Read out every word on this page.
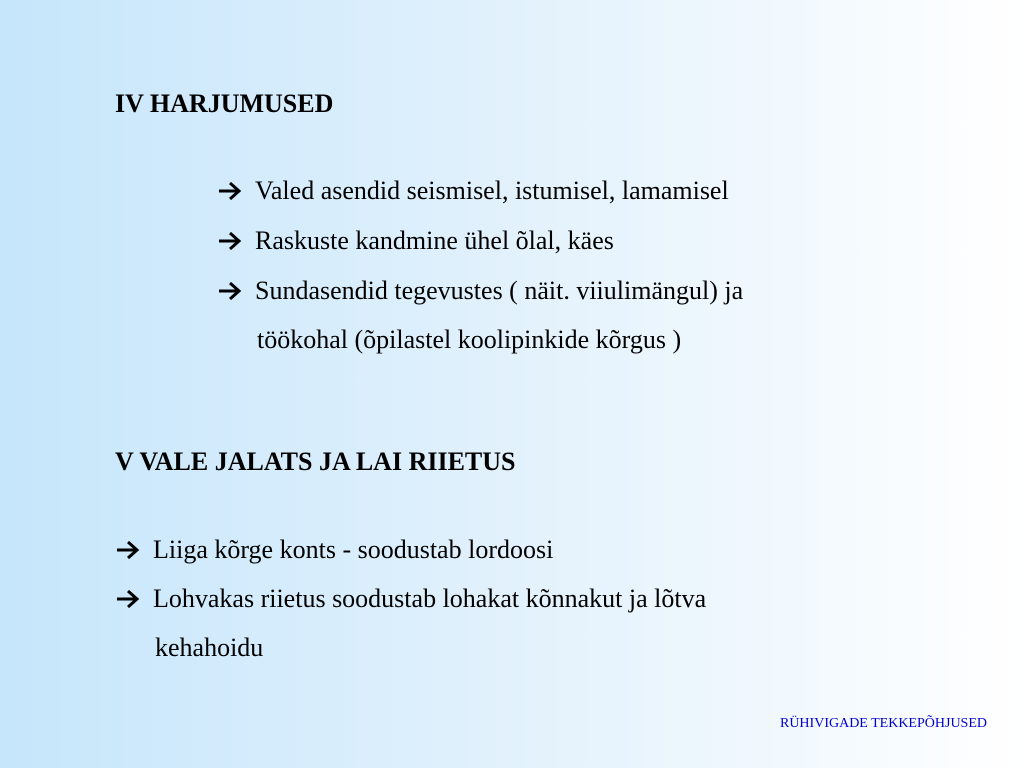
IV HARJUMUSED
Valed asendid seismisel, istumisel, lamamisel
Raskuste kandmine ühel õlal, käes
Sundasendid tegevustes ( näit. viiulimängul) ja
töökohal (õpilastel koolipinkide kõrgus )
V VALE JALATS JA LAI RIIETUS
Liiga kõrge konts - soodustab lordoosi
Lohvakas riietus soodustab lohakat kõnnakut ja lõtva
kehahoidu
RÜHIVIGADE TEKKEPÕHJUSED
